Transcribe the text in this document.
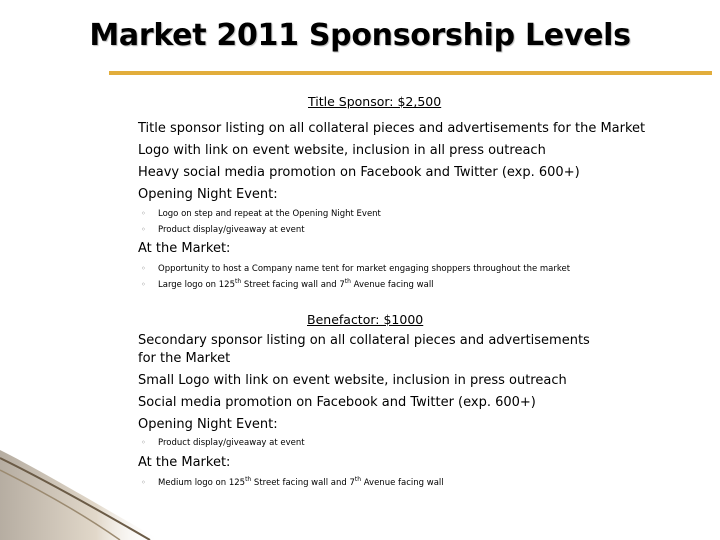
Market 2011 Sponsorship Levels
Title Sponsor: $2,500
Title sponsor listing on all collateral pieces and advertisements for the Market
Logo with link on event website, inclusion in all press outreach
Heavy social media promotion on Facebook and Twitter (exp. 600+)
Opening Night Event:
◦ Logo on step and repeat at the Opening Night Event
◦ Product display/giveaway at event
At the Market:
◦ Opportunity to host a Company name tent for market engaging shoppers throughout the market
◦ Large logo on 125th Street facing wall and 7th Avenue facing wall
Benefactor: $1000
Secondary sponsor listing on all collateral pieces and advertisements for the Market
Small Logo with link on event website, inclusion in press outreach
Social media promotion on Facebook and Twitter (exp. 600+)
Opening Night Event:
◦ Product display/giveaway at event
At the Market:
◦ Medium logo on 125th Street facing wall and 7th Avenue facing wall
